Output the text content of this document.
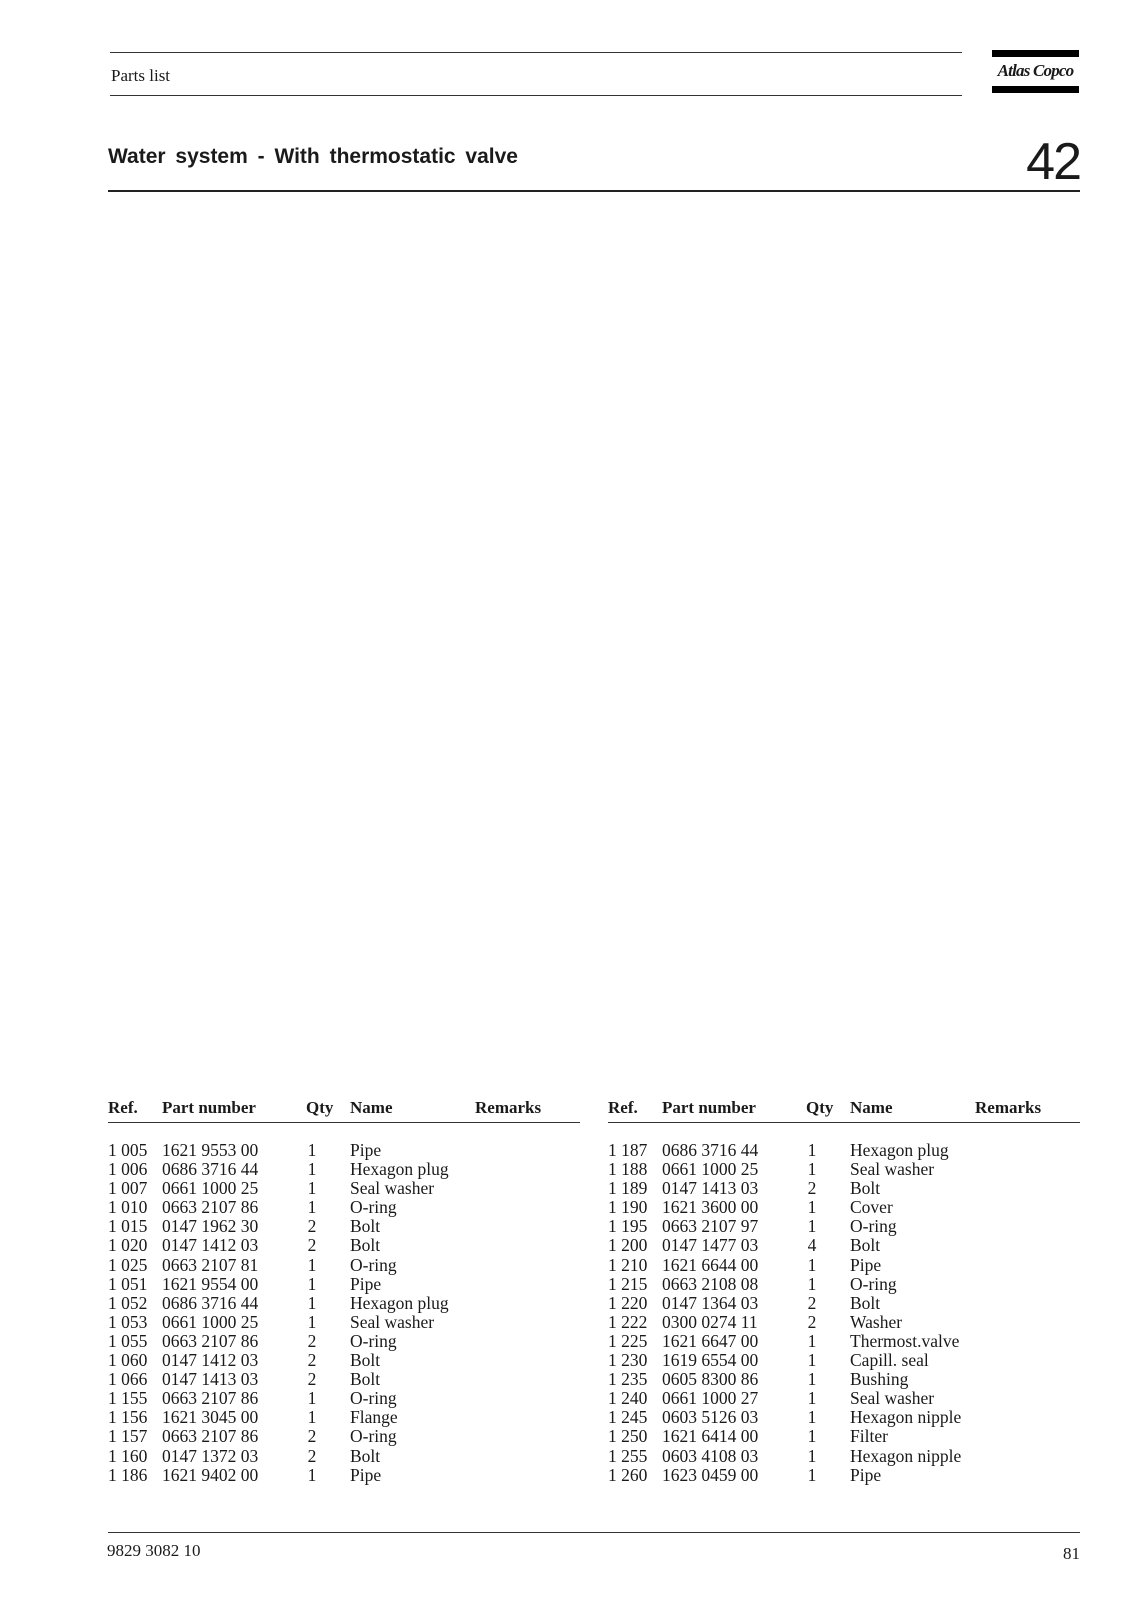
Parts list	Atlas Copco
Water system - With thermostatic valve	42
Ref. Part number	Qty Name	Remarks
1 005 1621 9553 00	1 Pipe
1 006 0686 3716 44	1 Hexagon plug
1 007 0661 1000 25	1 Seal washer
1 010 0663 2107 86	1 O-ring
1 015 0147 1962 30	2 Bolt
1 020 0147 1412 03	2 Bolt
1 025 0663 2107 81	1 O-ring
1 051 1621 9554 00	1 Pipe
1 052 0686 3716 44	1 Hexagon plug
1 053 0661 1000 25	1 Seal washer
1 055 0663 2107 86	2 O-ring
1 060 0147 1412 03	2 Bolt
1 066 0147 1413 03	2 Bolt
1 155 0663 2107 86	1 O-ring
1 156 1621 3045 00	1 Flange
1 157 0663 2107 86	2 O-ring
1 160 0147 1372 03	2 Bolt
1 186 1621 9402 00	1 Pipe
Ref. Part number	Qty Name	Remarks
1 187 0686 3716 44	1 Hexagon plug
1 188 0661 1000 25	1 Seal washer
1 189 0147 1413 03	2 Bolt
1 190 1621 3600 00	1 Cover
1 195 0663 2107 97	1 O-ring
1 200 0147 1477 03	4 Bolt
1 210 1621 6644 00	1 Pipe
1 215 0663 2108 08	1 O-ring
1 220 0147 1364 03	2 Bolt
1 222 0300 0274 11	2 Washer
1 225 1621 6647 00	1 Thermost.valve
1 230 1619 6554 00	1 Capill. seal
1 235 0605 8300 86	1 Bushing
1 240 0661 1000 27	1 Seal washer
1 245 0603 5126 03	1 Hexagon nipple
1 250 1621 6414 00	1 Filter
1 255 0603 4108 03	1 Hexagon nipple
1 260 1623 0459 00	1 Pipe
9829 3082 10	81
